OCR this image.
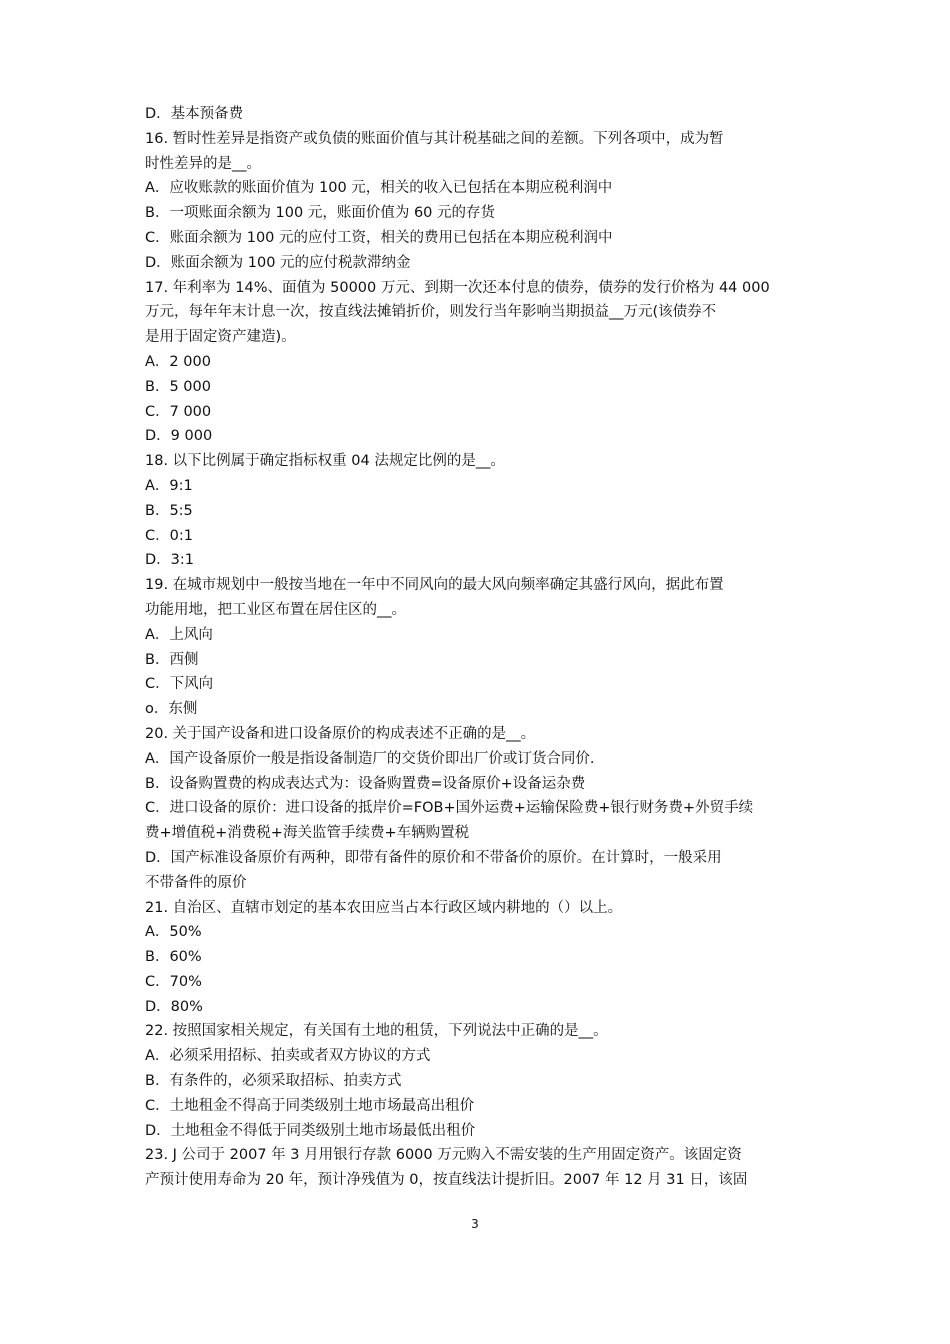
D．基本预备费
16. 暂时性差异是指资产或负债的账面价值与其计税基础之间的差额。下列各项中，成为暂
时性差异的是__。
A．应收账款的账面价值为 100 元，相关的收入已包括在本期应税利润中
B．一项账面余额为 100 元，账面价值为 60 元的存货
C．账面余额为 100 元的应付工资，相关的费用已包括在本期应税利润中
D．账面余额为 100 元的应付税款滞纳金
17. 年利率为 14%、面值为 50000 万元、到期一次还本付息的债券，债券的发行价格为 44 000
万元，每年年末计息一次，按直线法摊销折价，则发行当年影响当期损益__万元(该债券不
是用于固定资产建造)。
A．2 000
B．5 000
C．7 000
D．9 000
18. 以下比例属于确定指标权重 04 法规定比例的是__。
A．9:1
B．5:5
C．0:1
D．3:1
19. 在城市规划中一般按当地在一年中不同风向的最大风向频率确定其盛行风向，据此布置
功能用地，把工业区布置在居住区的__。
A．上风向
B．西侧
C．下风向
o．东侧
20. 关于国产设备和进口设备原价的构成表述不正确的是__。
A．国产设备原价一般是指设备制造厂的交货价即出厂价或订货合同价.
B．设备购置费的构成表达式为：设备购置费=设备原价+设备运杂费
C．进口设备的原价：进口设备的抵岸价=FOB+国外运费+运输保险费+银行财务费+外贸手续
费+增值税+消费税+海关监管手续费+车辆购置税
D．国产标准设备原价有两种，即带有备件的原价和不带备价的原价。在计算时，一般采用
不带备件的原价
21. 自治区、直辖市划定的基本农田应当占本行政区域内耕地的（）以上。
A．50%
B．60%
C．70%
D．80%
22. 按照国家相关规定，有关国有土地的租赁，下列说法中正确的是__。
A．必须采用招标、拍卖或者双方协议的方式
B．有条件的，必须采取招标、拍卖方式
C．土地租金不得高于同类级别土地市场最高出租价
D．土地租金不得低于同类级别土地市场最低出租价
23. J 公司于 2007 年 3 月用银行存款 6000 万元购入不需安装的生产用固定资产。该固定资
产预计使用寿命为 20 年，预计净残值为 0，按直线法计提折旧。2007 年 12 月 31 日，该固
3
